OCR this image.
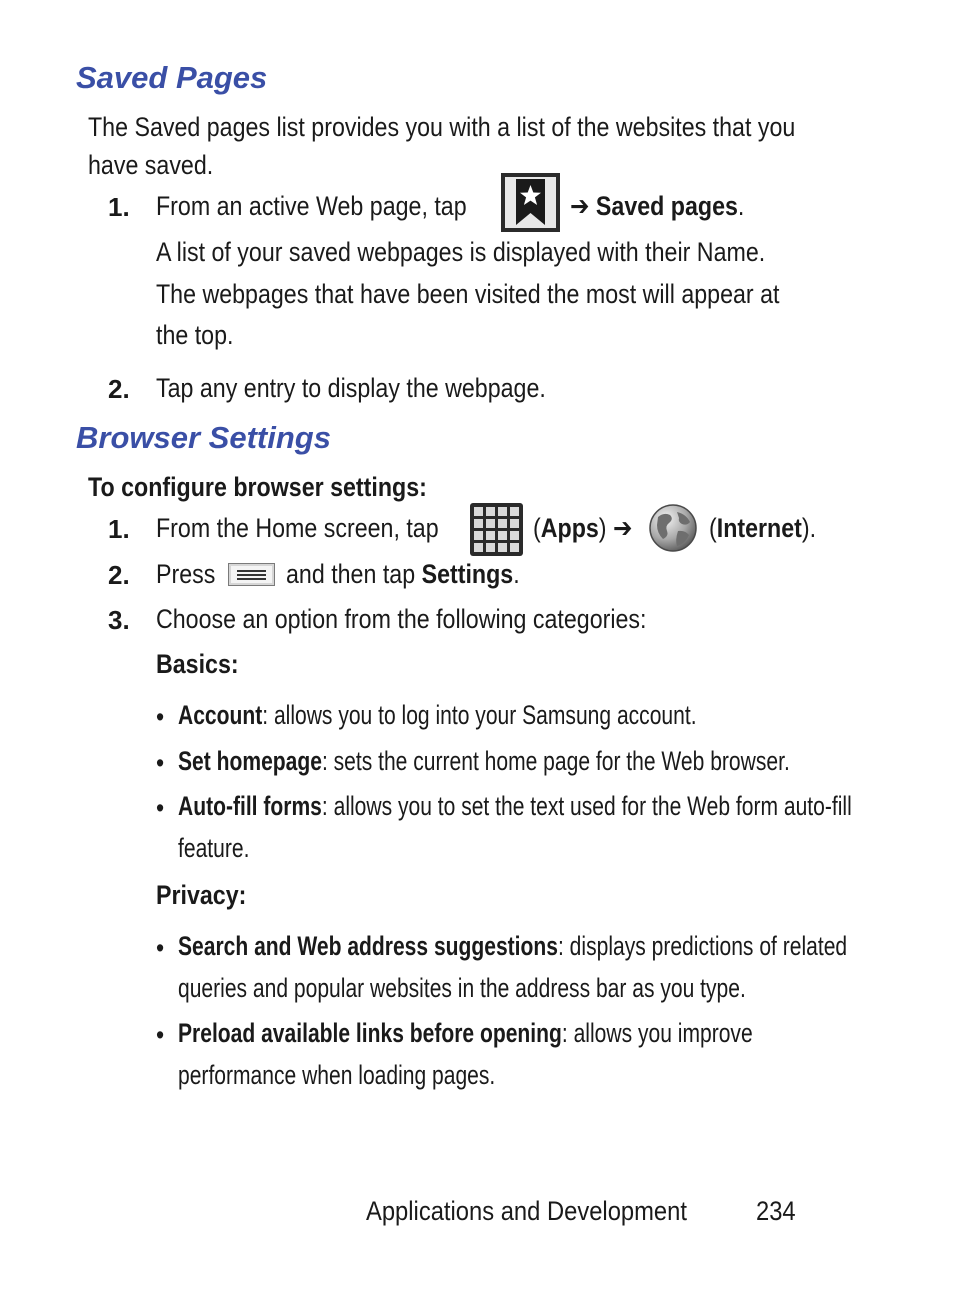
Saved Pages
The Saved pages list provides you with a list of the websites that you
have saved.
1. From an active Web page, tap	➔ Saved pages.
A list of your saved webpages is displayed with their Name.
The webpages that have been visited the most will appear at
the top.
2. Tap any entry to display the webpage.
Browser Settings
To configure browser settings:
1. From the Home screen, tap	(Apps) ➔	(Internet).
2. Press	and then tap Settings.
3. Choose an option from the following categories:
Basics:
• Account: allows you to log into your Samsung account.
• Set homepage: sets the current home page for the Web browser.
• Auto-fill forms: allows you to set the text used for the Web form auto-fill
feature.
Privacy:
• Search and Web address suggestions: displays predictions of related
queries and popular websites in the address bar as you type.
• Preload available links before opening: allows you improve
performance when loading pages.
Applications and Development	234
